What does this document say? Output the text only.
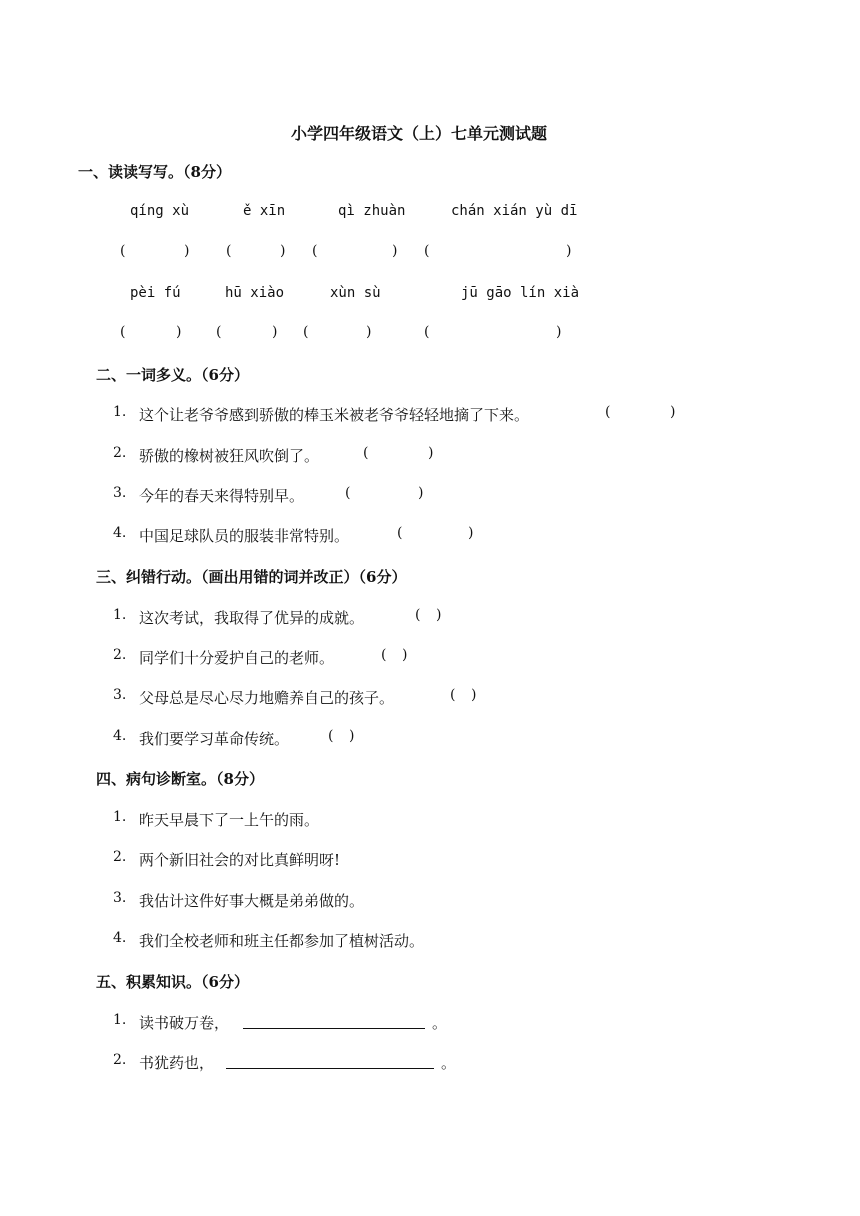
小学四年级语文（上）七单元测试题
一、读读写写。（8分）
qíng xù	ě xīn	qì zhuàn	chán xián yù dī
(	)	(	) (	) (	)
pèi fú	hū xiào	xùn sù	jū gāo lín xià
(	) (	) (	)	(	)
二、一词多义。（6分）
1. 这个让老爷爷感到骄傲的棒玉米被老爷爷轻轻地摘了下来。	(	)
2. 骄傲的橡树被狂风吹倒了。	(	)
3. 今年的春天来得特别早。	(	)
4. 中国足球队员的服装非常特别。	(	)
三、纠错行动。（画出用错的词并改正）（6分）
1. 这次考试，我取得了优异的成就。	( )
2. 同学们十分爱护自己的老师。	( )
3. 父母总是尽心尽力地赡养自己的孩子。	( )
4. 我们要学习革命传统。	( )
四、病句诊断室。（8分）
1. 昨天早晨下了一上午的雨。
2. 两个新旧社会的对比真鲜明呀!
3. 我估计这件好事大概是弟弟做的。
4. 我们全校老师和班主任都参加了植树活动。
五、积累知识。（6分）
1. 读书破万卷，	。
2. 书犹药也，	。
